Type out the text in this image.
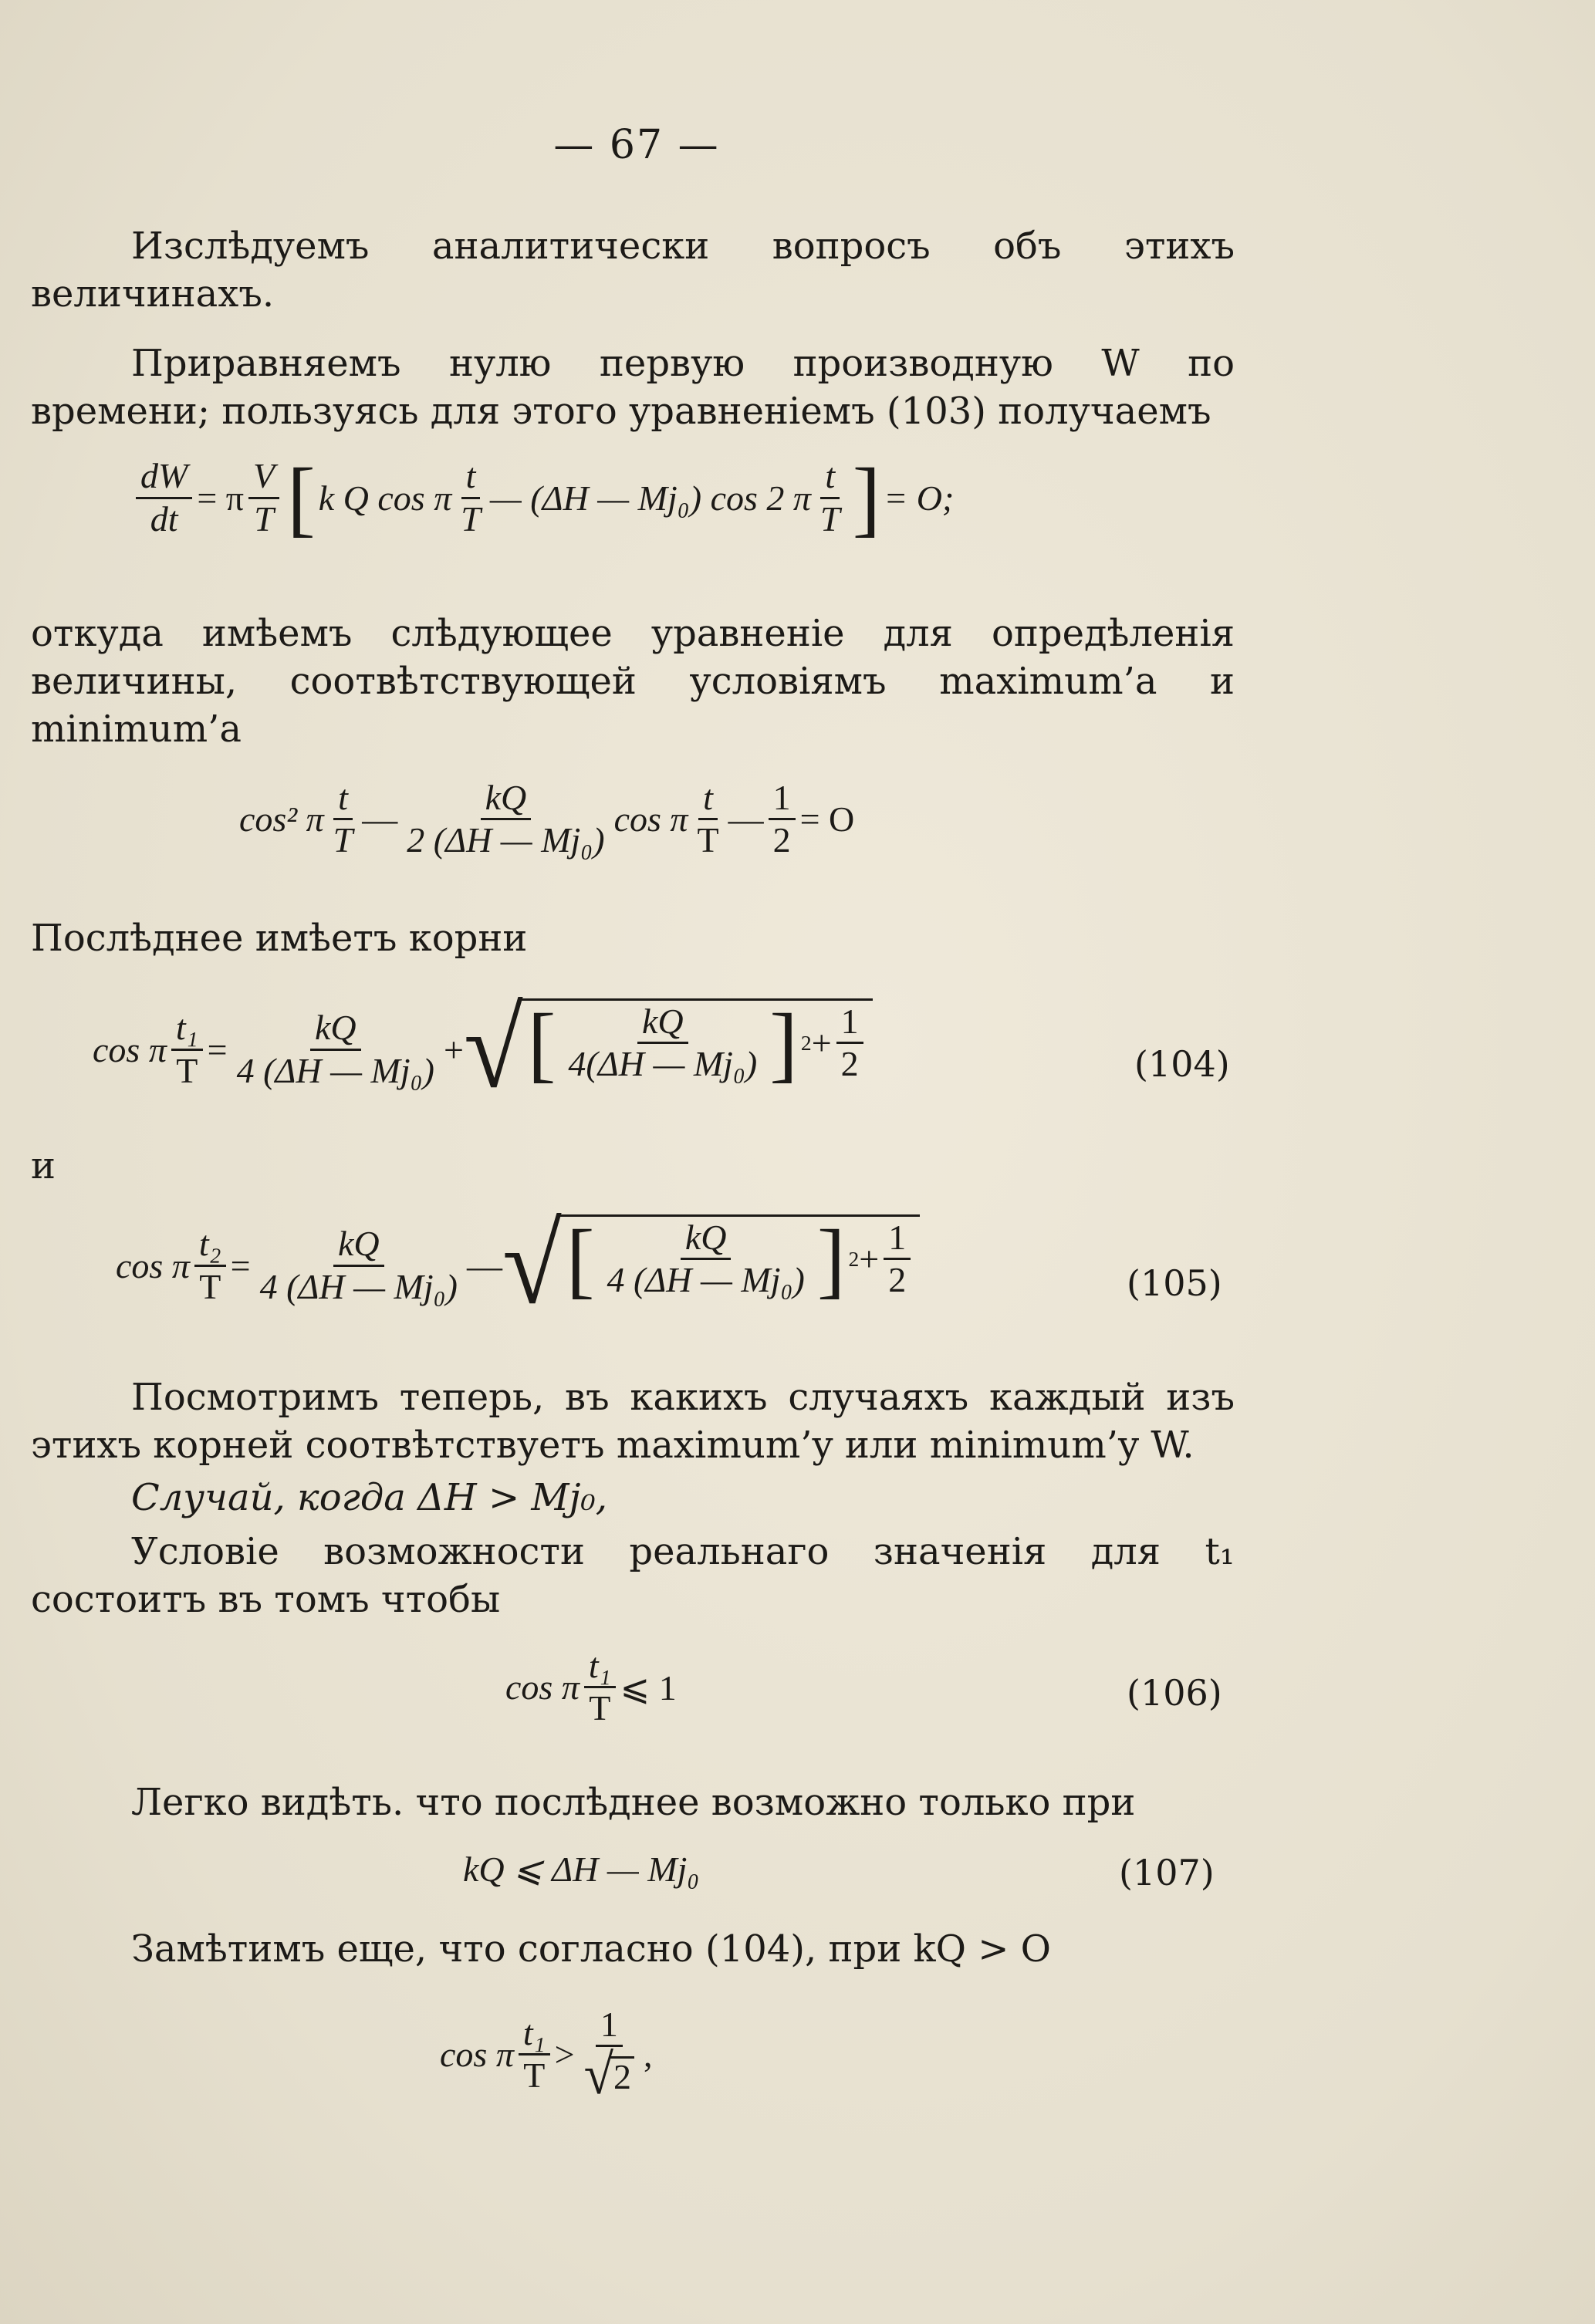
— 67 —
Изслѣдуемъ аналитически вопросъ объ этихъ величинахъ.
Приравняемъ нулю первую производную W по времени; пользуясь для этого уравненіемъ (103) получаемъ
$\frac{dW}{dt} = \pi \frac{V}{T}$ [ k Q cos π $\frac{t}{T}$ — (ΔH — Mj₀) cos 2 π $\frac{t}{T}$ ] = O;
откуда имѣемъ слѣдующее уравненіе для опредѣленія величины, соотвѣтствующей условіямъ maximum’a и minimum’a
cos² π $\frac{t}{T}$ — $\frac{kQ}{\text{2 (ΔH — Mj₀)}}$ cos π $\frac{t}{T}$ — $\frac{1}{2} = O$
Послѣднее имѣетъ корни
cos π $\frac{\text{t₁}}{T} = \frac{kQ}{\text{4 (ΔH — Mj₀)}}$ + √ [ $\frac{kQ}{\text{4(ΔH — Mj₀)}}$ ] $2 + \frac{1}{2}$	(104)
и
cos π $\frac{\text{t₂}}{T} = \frac{kQ}{\text{4 (ΔH — Mj₀)}}$ — √ [ $\frac{kQ}{\text{4 (ΔH — Mj₀)}}$ ] $2 + \frac{1}{2}$	(105)
Посмотримъ теперь, въ какихъ случаяхъ каждый изъ этихъ корней соотвѣтствуетъ maximum’y или minimum’y W.
Случай, когда ΔH > Mj₀,
Условіе возможности реальнаго значенія для t₁ состоитъ въ томъ чтобы
cos π $\frac{\text{t₁}}{T}$ ⩽ 1	(106)
Легко видѣть. что послѣднее возможно только при
kQ ⩽ ΔH — Mj₀	(107)
Замѣтимъ еще, что согласно (104), при kQ > O
cos π $\frac{\text{t₁}}{T} > \frac{1}{√ 2}$ ,
